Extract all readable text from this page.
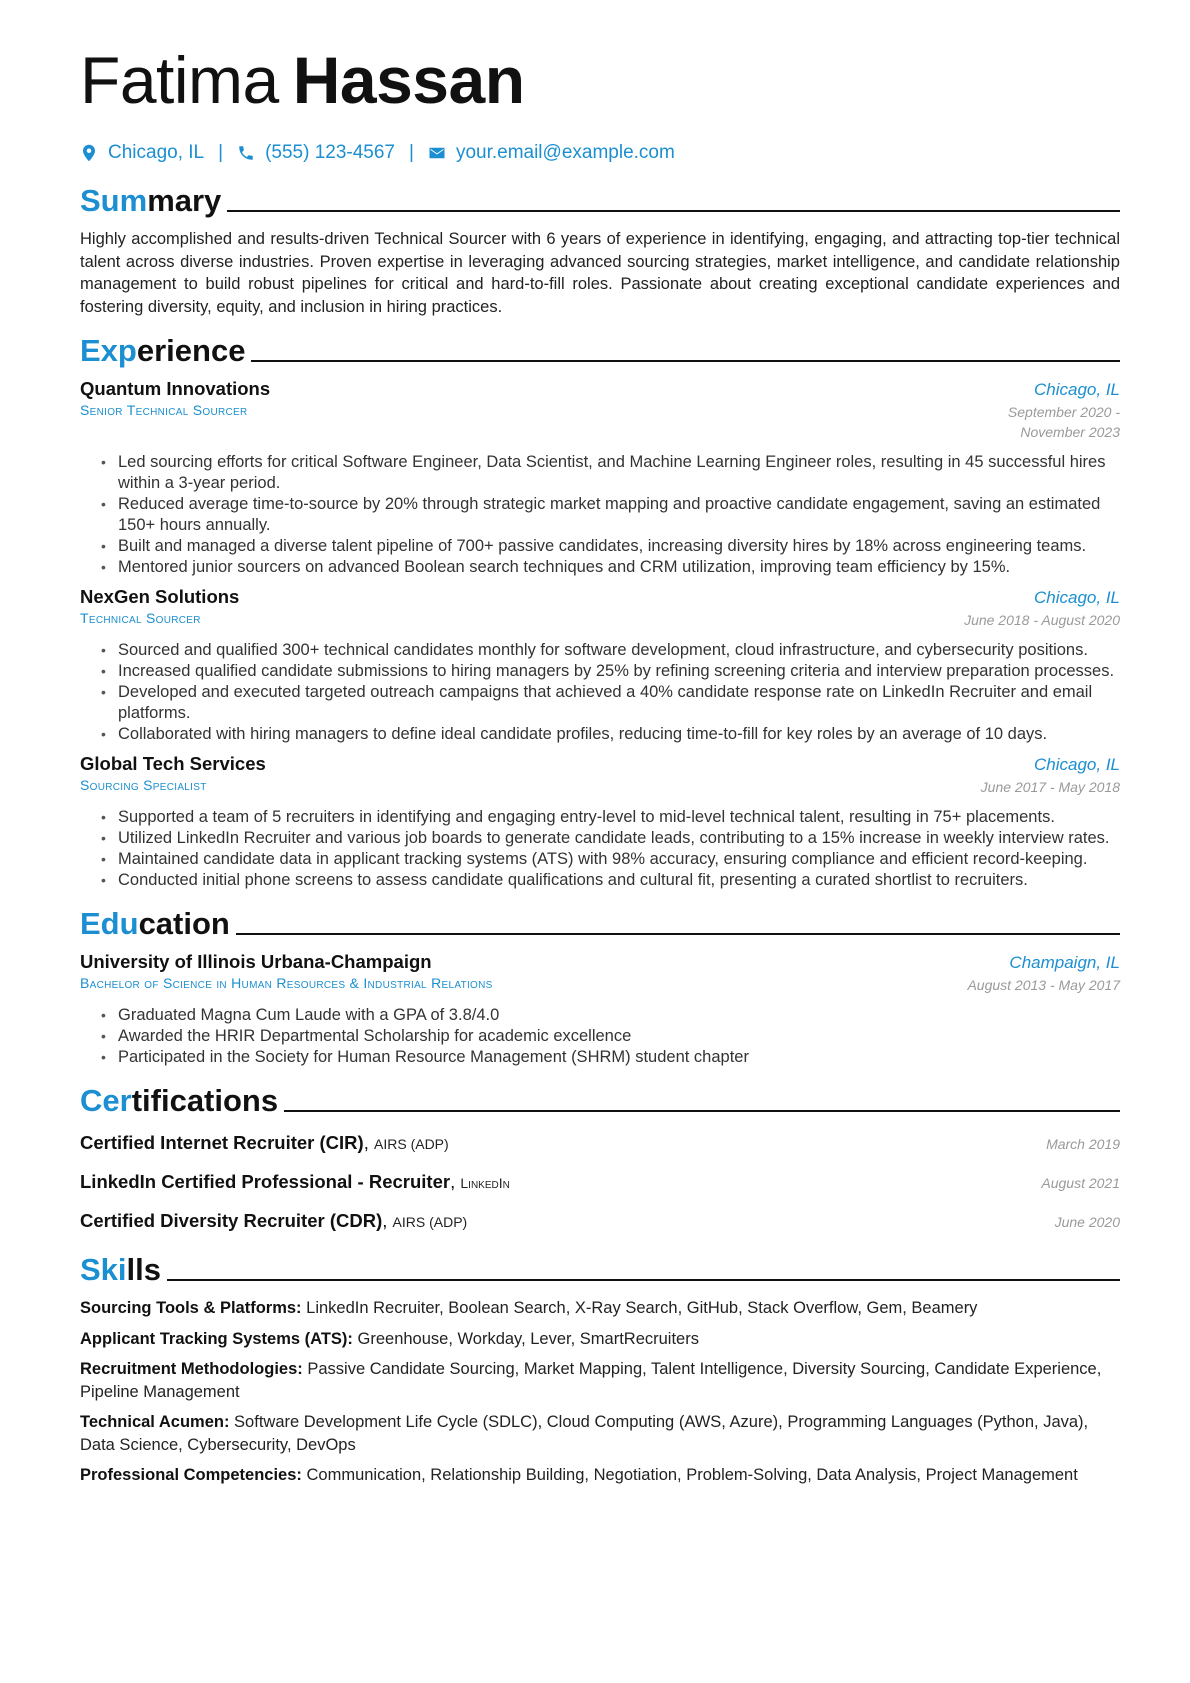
Fatima Hassan
Chicago, IL | (555) 123-4567 | your.email@example.com
Summary
Highly accomplished and results-driven Technical Sourcer with 6 years of experience in identifying, engaging, and attracting top-tier technical talent across diverse industries. Proven expertise in leveraging advanced sourcing strategies, market intelligence, and candidate relationship management to build robust pipelines for critical and hard-to-fill roles. Passionate about creating exceptional candidate experiences and fostering diversity, equity, and inclusion in hiring practices.
Experience
Quantum Innovations	Chicago, IL
Senior Technical Sourcer	September 2020 - November 2023
• Led sourcing efforts for critical Software Engineer, Data Scientist, and Machine Learning Engineer roles, resulting in 45 successful hires within a 3-year period.
• Reduced average time-to-source by 20% through strategic market mapping and proactive candidate engagement, saving an estimated 150+ hours annually.
• Built and managed a diverse talent pipeline of 700+ passive candidates, increasing diversity hires by 18% across engineering teams.
• Mentored junior sourcers on advanced Boolean search techniques and CRM utilization, improving team efficiency by 15%.
NexGen Solutions	Chicago, IL
Technical Sourcer	June 2018 - August 2020
• Sourced and qualified 300+ technical candidates monthly for software development, cloud infrastructure, and cybersecurity positions.
• Increased qualified candidate submissions to hiring managers by 25% by refining screening criteria and interview preparation processes.
• Developed and executed targeted outreach campaigns that achieved a 40% candidate response rate on LinkedIn Recruiter and email platforms.
• Collaborated with hiring managers to define ideal candidate profiles, reducing time-to-fill for key roles by an average of 10 days.
Global Tech Services	Chicago, IL
Sourcing Specialist	June 2017 - May 2018
• Supported a team of 5 recruiters in identifying and engaging entry-level to mid-level technical talent, resulting in 75+ placements.
• Utilized LinkedIn Recruiter and various job boards to generate candidate leads, contributing to a 15% increase in weekly interview rates.
• Maintained candidate data in applicant tracking systems (ATS) with 98% accuracy, ensuring compliance and efficient record-keeping.
• Conducted initial phone screens to assess candidate qualifications and cultural fit, presenting a curated shortlist to recruiters.
Education
University of Illinois Urbana-Champaign	Champaign, IL
Bachelor of Science in Human Resources & Industrial Relations	August 2013 - May 2017
• Graduated Magna Cum Laude with a GPA of 3.8/4.0
• Awarded the HRIR Departmental Scholarship for academic excellence
• Participated in the Society for Human Resource Management (SHRM) student chapter
Certifications
Certified Internet Recruiter (CIR), AIRS (ADP)	March 2019
LinkedIn Certified Professional - Recruiter, LinkedIn	August 2021
Certified Diversity Recruiter (CDR), AIRS (ADP)	June 2020
Skills
Sourcing Tools & Platforms: LinkedIn Recruiter, Boolean Search, X-Ray Search, GitHub, Stack Overflow, Gem, Beamery
Applicant Tracking Systems (ATS): Greenhouse, Workday, Lever, SmartRecruiters
Recruitment Methodologies: Passive Candidate Sourcing, Market Mapping, Talent Intelligence, Diversity Sourcing, Candidate Experience, Pipeline Management
Technical Acumen: Software Development Life Cycle (SDLC), Cloud Computing (AWS, Azure), Programming Languages (Python, Java), Data Science, Cybersecurity, DevOps
Professional Competencies: Communication, Relationship Building, Negotiation, Problem-Solving, Data Analysis, Project Management
